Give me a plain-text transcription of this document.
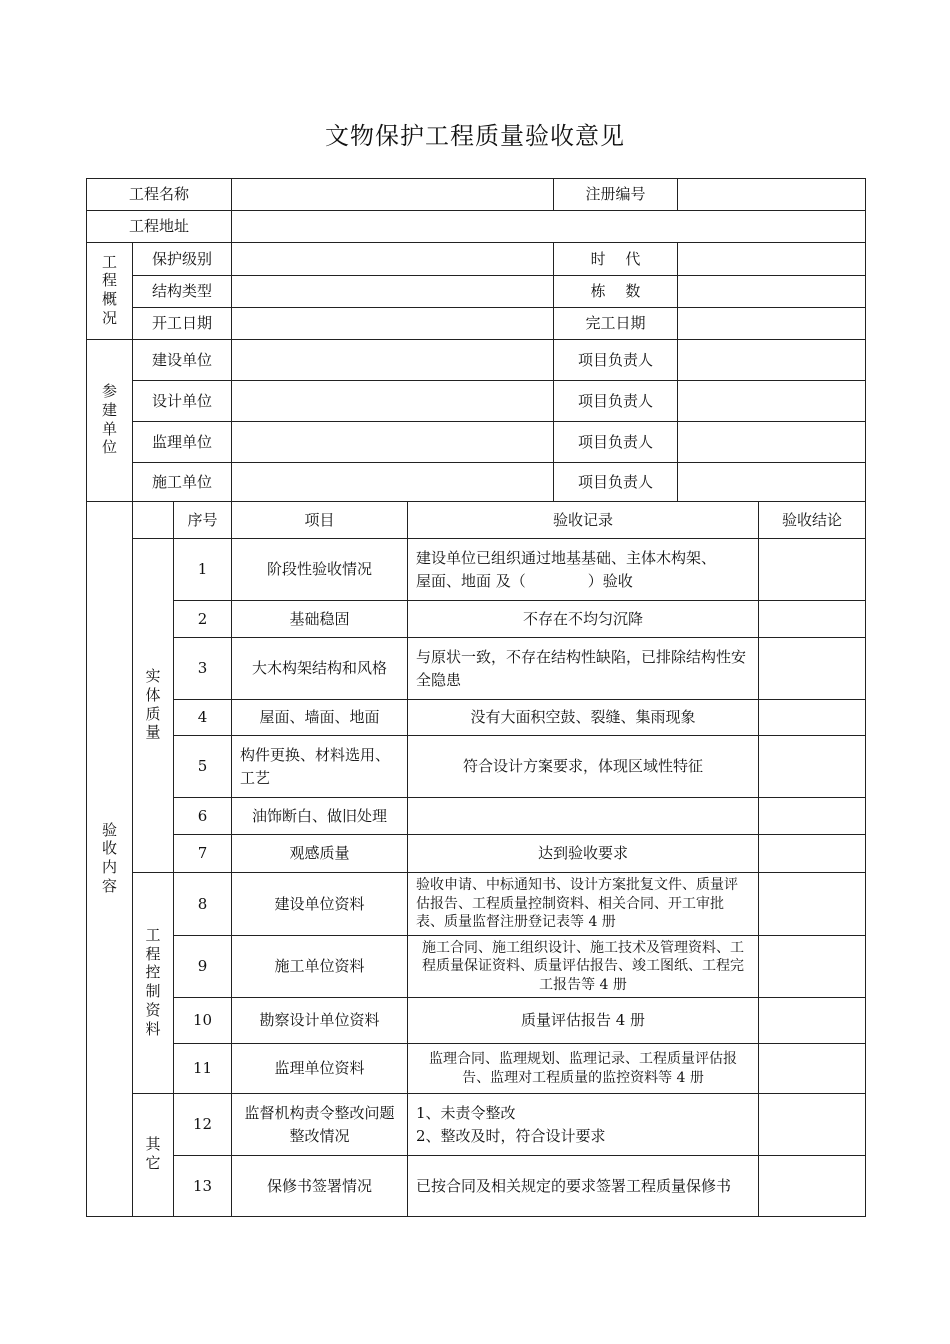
文物保护工程质量验收意见
工程名称					注册编号		
工程地址							
工程概况	保护级别				时　 代		
	结构类型				栋　 数		
	开工日期				完工日期		
参建单位	建设单位				项目负责人		
	设计单位				项目负责人		
	监理单位				项目负责人		
	施工单位				项目负责人		
验收内容		序号	项目	验收记录			验收结论
	实体质量	1	阶段性验收情况	建设单位已组织通过地基基础、主体木构架、
屋面、地面 及（ ）验收			
		2	基础稳固	不存在不均匀沉降			
		3	大木构架结构和风格	与原状一致，不存在结构性缺陷，已排除结构性安全隐患			
		4	屋面、墙面、地面	没有大面积空鼓、裂缝、集雨现象			
		5	构件更换、材料选用、工艺	符合设计方案要求，体现区域性特征			
		6	油饰断白、做旧处理				
		7	观感质量	达到验收要求			
	工程控制资料	8	建设单位资料	验收申请、中标通知书、设计方案批复文件、质量评估报告、工程质量控制资料、相关合同、开工审批表、质量监督注册登记表等 4 册			
		9	施工单位资料	施工合同、施工组织设计、施工技术及管理资料、工程质量保证资料、质量评估报告、竣工图纸、工程完工报告等 4 册			
		10	勘察设计单位资料	质量评估报告 4 册			
		11	监理单位资料	监理合同、监理规划、监理记录、工程质量评估报告、监理对工程质量的监控资料等 4 册			
	其它	12	监督机构责令整改问题整改情况	1、未责令整改
2、整改及时，符合设计要求			
		13	保修书签署情况	已按合同及相关规定的要求签署工程质量保修书			
